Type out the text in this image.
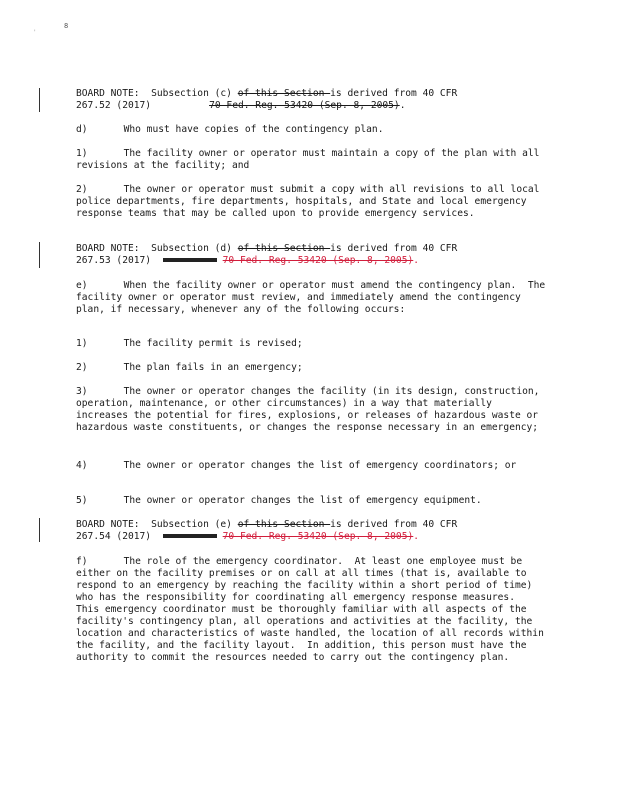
8
'
BOARD NOTE:  Subsection (c) of this Section is derived from 40 CFR
267.52 (2017)	70 Fed. Reg. 53420 (Sep. 8, 2005).
d)	Who must have copies of the contingency plan.
1)	The facility owner or operator must maintain a copy of the plan with all revisions at the facility; and
2)	The owner or operator must submit a copy with all revisions to all local police departments, fire departments, hospitals, and State and local emergency response teams that may be called upon to provide emergency services.
BOARD NOTE:  Subsection (d) of this Section is derived from 40 CFR
267.53 (2017)	70 Fed. Reg. 53420 (Sep. 8, 2005).
e)	When the facility owner or operator must amend the contingency plan.  The facility owner or operator must review, and immediately amend the contingency plan, if necessary, whenever any of the following occurs:
1)	The facility permit is revised;
2)	The plan fails in an emergency;
3)	The owner or operator changes the facility (in its design, construction, operation, maintenance, or other circumstances) in a way that materially increases the potential for fires, explosions, or releases of hazardous waste or hazardous waste constituents, or changes the response necessary in an emergency;
4)	The owner or operator changes the list of emergency coordinators; or
5)	The owner or operator changes the list of emergency equipment.
BOARD NOTE:  Subsection (e) of this Section is derived from 40 CFR
267.54 (2017)	70 Fed. Reg. 53420 (Sep. 8, 2005).
f)	The role of the emergency coordinator.  At least one employee must be either on the facility premises or on call at all times (that is, available to respond to an emergency by reaching the facility within a short period of time) who has the responsibility for coordinating all emergency response measures.  This emergency coordinator must be thoroughly familiar with all aspects of the facility's contingency plan, all operations and activities at the facility, the location and characteristics of waste handled, the location of all records within the facility, and the facility layout.  In addition, this person must have the authority to commit the resources needed to carry out the contingency plan.
